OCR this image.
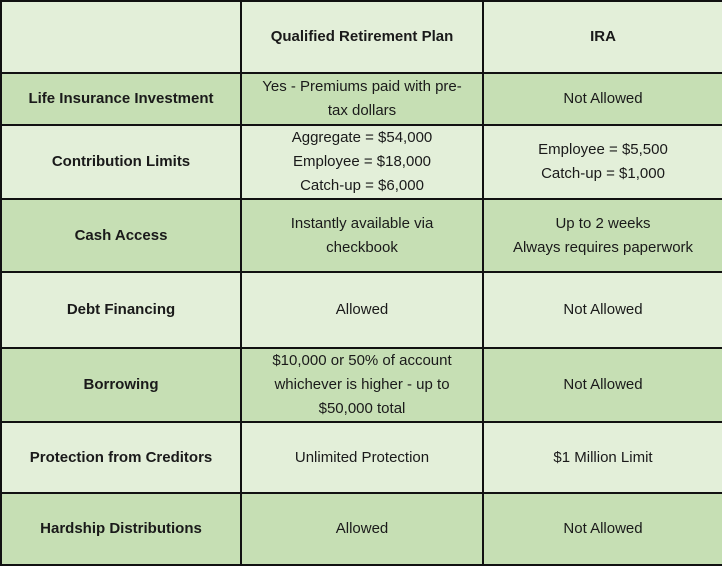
	Qualified Retirement Plan	IRA
Life Insurance Investment	Yes - Premiums paid with pre-
tax dollars	Not Allowed

Contribution Limits	Aggregate = $54,000
Employee = $18,000
Catch-up = $6,000	Employee = $5,500
Catch-up = $1,000

Cash Access	Instantly available via
checkbook	Up to 2 weeks
Always requires paperwork

Debt Financing	Allowed	Not Allowed

Borrowing	$10,000 or 50% of account
whichever is higher - up to
$50,000 total	Not Allowed

Protection from Creditors	Unlimited Protection	$1 Million Limit

Hardship Distributions	Allowed	Not Allowed
